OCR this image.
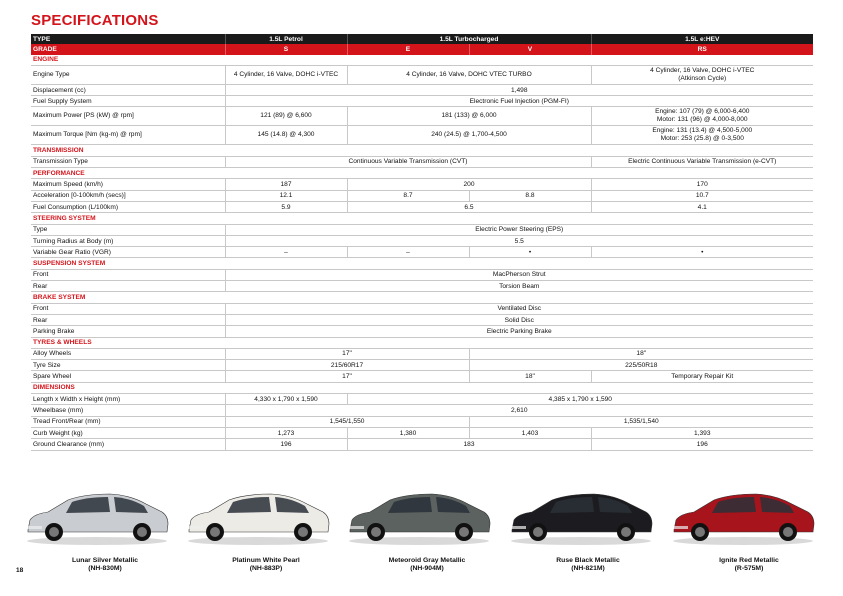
SPECIFICATIONS
TYPE	1.5L Petrol	1.5L Turbocharged		1.5L e:HEV
GRADE	S	E	V	RS
ENGINE				
Engine Type	4 Cylinder, 16 Valve, DOHC i-VTEC	4 Cylinder, 16 Valve, DOHC VTEC TURBO		4 Cylinder, 16 Valve, DOHC i-VTEC
(Atkinson Cycle)
Displacement (cc)	1,498			
Fuel Supply System	Electronic Fuel Injection (PGM-FI)			
Maximum Power [PS (kW) @ rpm]	121 (89) @ 6,600	181 (133) @ 6,000		Engine: 107 (79) @ 6,000-6,400
Motor: 131 (96) @ 4,000-8,000
Maximum Torque [Nm (kg-m) @ rpm]	145 (14.8) @ 4,300	240 (24.5) @ 1,700-4,500		Engine: 131 (13.4) @ 4,500-5,000
Motor: 253 (25.8) @ 0-3,500
TRANSMISSION				
Transmission Type	Continuous Variable Transmission (CVT)			Electric Continuous Variable Transmission (e-CVT)
PERFORMANCE				
Maximum Speed (km/h)	187	200		170
Acceleration [0-100km/h (secs)]	12.1	8.7	8.8	10.7
Fuel Consumption (L/100km)	5.9	6.5		4.1
STEERING SYSTEM				
Type	Electric Power Steering (EPS)			
Turning Radius at Body (m)	5.5			
Variable Gear Ratio (VGR)	–	–	•	•
SUSPENSION SYSTEM				
Front	MacPherson Strut			
Rear	Torsion Beam			
BRAKE SYSTEM				
Front	Ventilated Disc			
Rear	Solid Disc			
Parking Brake	Electric Parking Brake			
TYRES & WHEELS				
Alloy Wheels	17"		18"	
Tyre Size	215/60R17		225/50R18	
Spare Wheel	17"		18"	Temporary Repair Kit
DIMENSIONS				
Length x Width x Height (mm)	4,330 x 1,790 x 1,590	4,385 x 1,790 x 1,590		
Wheelbase (mm)	2,610			
Tread Front/Rear (mm)	1,545/1,550		1,535/1,540	
Curb Weight (kg)	1,273	1,380	1,403	1,393
Ground Clearance (mm)	196	183		196
Lunar Silver Metallic
(NH-830M)
Platinum White Pearl
(NH-883P)
Meteoroid Gray Metallic
(NH-904M)
Ruse Black Metallic
(NH-821M)
Ignite Red Metallic
(R-575M)
18
